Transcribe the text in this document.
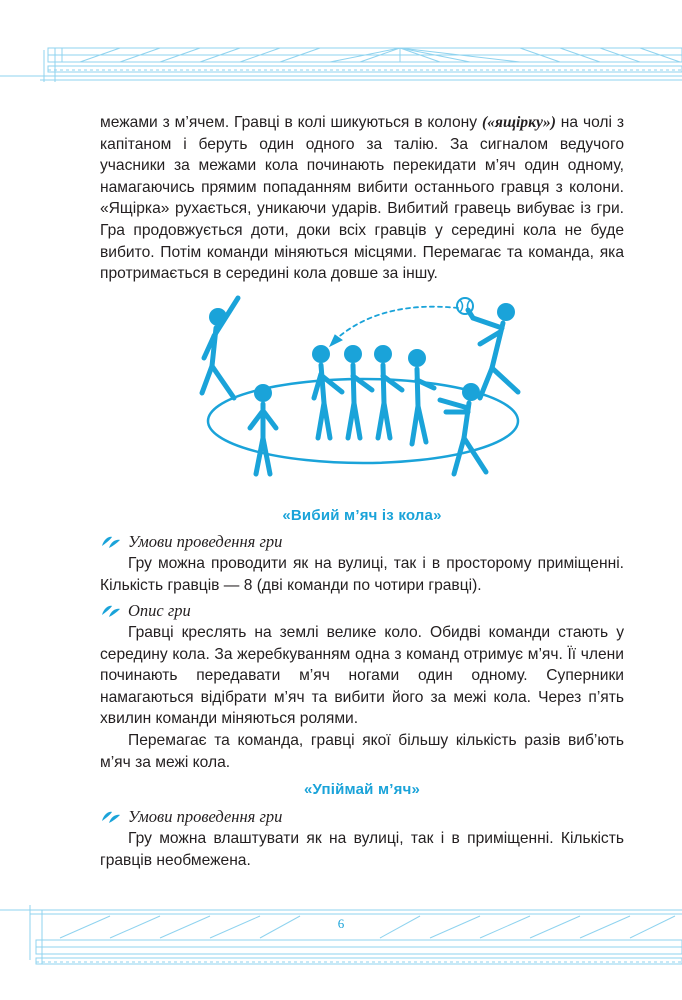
межами з м’ячем. Гравці в колі шикуються в колону («ящірку») на чолі з капітаном і беруть один одного за талію. За сигналом ведучого учасники за межами кола починають перекидати м’яч один одному, намагаючись прямим попаданням вибити останнього гравця з колони. «Ящірка» рухається, уникаючи ударів. Вибитий гравець вибуває із гри. Гра продовжується доти, доки всіх гравців у середині кола не буде вибито. Потім команди міняються місцями. Перемагає та команда, яка протримається в середині кола довше за іншу.

«Вибий м’яч із кола»
Умови проведення гри

Гру можна проводити як на вулиці, так і в просторому приміщенні. Кількість гравців — 8 (дві команди по чотири гравці).

Опис гри

Гравці креслять на землі велике коло. Обидві команди стають у середину кола. За жеребкуванням одна з команд отримує м’яч. Її члени починають передавати м’яч ногами один одному. Суперники намагаються відібрати м’яч та вибити його за межі кола. Через п’ять хвилин команди міняються ролями.

Перемагає та команда, гравці якої більшу кількість разів виб’ють м’яч за межі кола.

«Упіймай м’яч»
Умови проведення гри

Гру можна влаштувати як на вулиці, так і в приміщенні. Кількість гравців необмежена.

6
